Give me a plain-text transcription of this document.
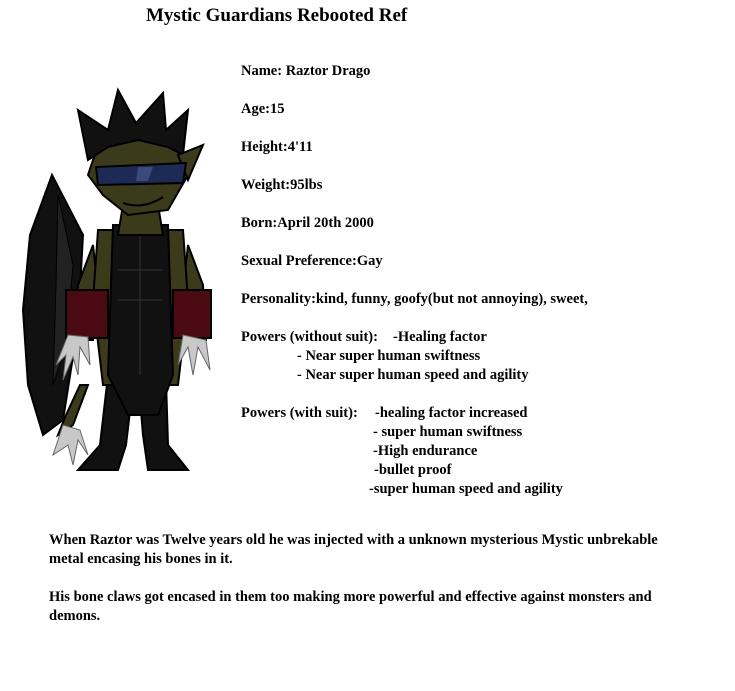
Mystic Guardians Rebooted Ref
Name: Raztor Drago
Age:15
Height:4'11
Weight:95lbs
Born:April 20th 2000
Sexual Preference:Gay
Personality:kind, funny, goofy(but not annoying), sweet,
Powers (without suit): -Healing factor
- Near super human swiftness
- Near super human speed and agility
Powers (with suit): -healing factor increased
- super human swiftness
-High endurance
-bullet proof
-super human speed and agility
When Raztor was Twelve years old he was injected with a unknown mysterious Mystic unbrekable metal encasing his bones in it.
His bone claws got encased in them too making more powerful and effective against monsters and demons.
